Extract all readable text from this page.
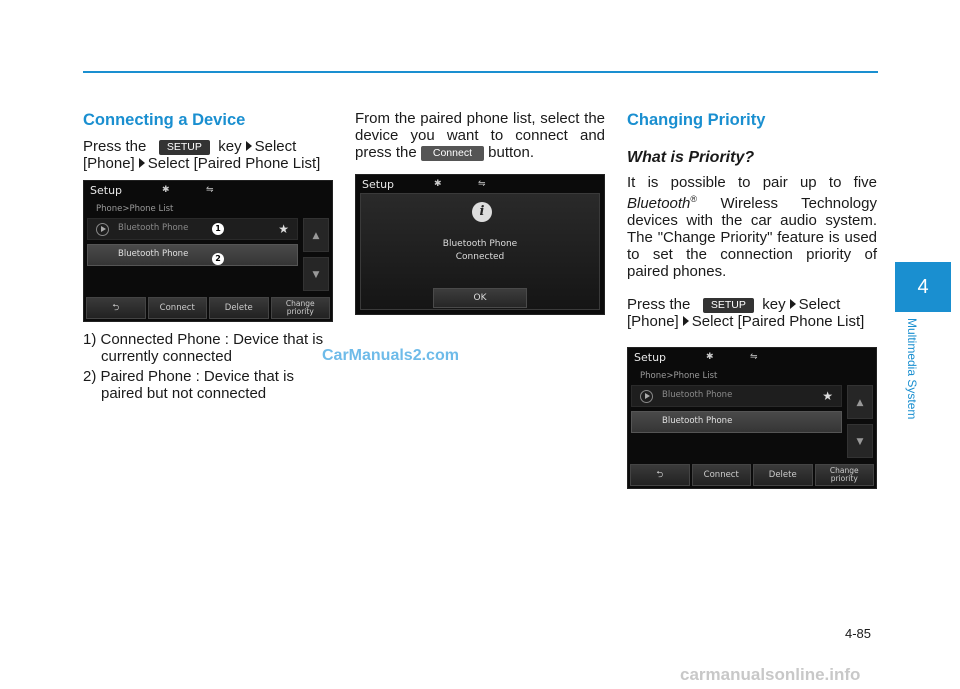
Connecting a Device
Press the SETUP key Select
[Phone] Select [Paired Phone List]
Setup	✱	⇋
Phone>Phone List
Bluetooth Phone	★
Bluetooth Phone
1
2
▲
▼
⮌	Connect	Delete	Change
priority
1) Connected Phone : Device that is currently connected
2) Paired Phone : Device that is paired but not connected
From the paired phone list, select the device you want to connect and press the Connect button.
Setup	✱	⇋
i
Bluetooth Phone
Connected
OK
Changing Priority
What is Priority?
It is possible to pair up to five Bluetooth® Wireless Technology devices with the car audio system. The "Change Priority" feature is used to set the connection priority of paired phones.
Press the SETUP key Select
[Phone] Select [Paired Phone List]
Setup	✱	⇋
Phone>Phone List
Bluetooth Phone	★
Bluetooth Phone
▲
▼
⮌	Connect	Delete	Change
priority
CarManuals2.com
4
Multimedia System
4-85
carmanualsonline.info
